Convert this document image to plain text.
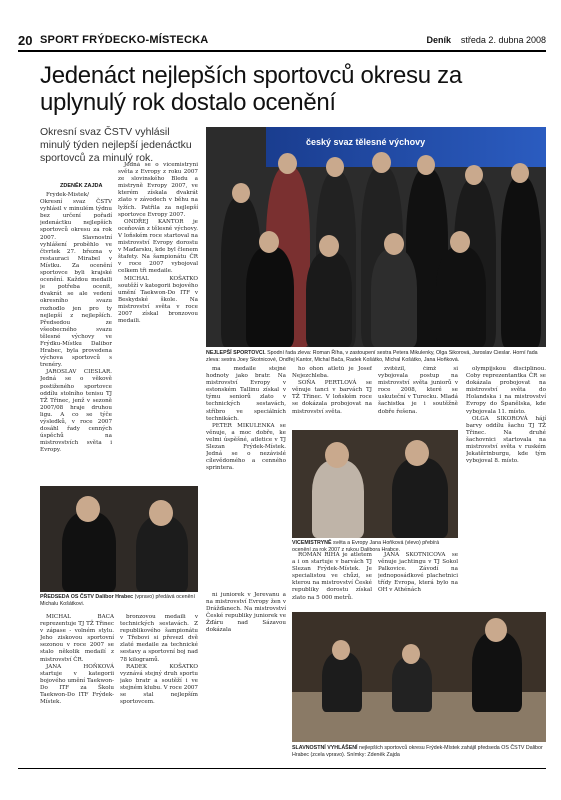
20 SPORT FRÝDECKO-MÍSTECKA	Deník středa 2. dubna 2008
Jedenáct nejlepších sportovců okresu za uplynulý rok dostalo ocenění
Okresní svaz ČSTV vyhlásil minulý týden nejlepší jedenáctku sportovců za minulý rok.
ZDENĚK ZAJDA

Frýdek-Místek/ Okresní svaz ČSTV vyhlásil v minulém týdnu bez určení pořadí jedenáctku nejlepších sportovců okresu za rok 2007. Slavnostní vyhlášení proběhlo ve čtvrtek 27. března v restauraci Mirabel v Místku. Za ocenění sportovce byli krajské ocenění. Každou medaili je potřeba ocenit, dvakrát se ale vedení okresního svazu rozhodlo jen pro ty nejlepší z nejlepších. Předsedou ze všeobecného svazu tělesné výchovy ve Frýdku-Místku Dalibor Hrabec, byla provedena výchova sportovců s trenéry.

JAROSLAV CIESLAR. Jedná se o věkově postiženého sportovce oddílu stolního tenisu TJ TŽ Třinec, jenž v sezoně 2007/08 hraje druhou ligu. A co se týče výsledků, v roce 2007 dosáhl řady cenných úspěchů na mistrovstvích světa i Evropy.

Jedná se o vicemistryni světa z Evropy z roku 2007 ze slovinského Bledu a mistryně Evropy 2007, ve kterém získala dvakrát zlato v závodech v běhu na lyžích. Patřila za nejlepší sportovce Evropy 2007.

ONDŘEJ KANTOR je oceňován z tělesné výchovy. V loňském roce startoval na mistrovství Evropy dorostu v Maďarsku, kde byl členem štafety. Na šampionátu ČR v roce 2007 vybojoval celkem tři medaile.

MICHAL KOŠATKO soutěží v kategorii bojového umění Taekwon-Do ITF v Beskydské škole. Na mistrovství světa v roce 2007 získal bronzovou medaili.

český svaz tělesné výchovy
NEJLEPŠÍ SPORTOVCI. Spodní řada zleva: Roman Říha, v zastoupení sestra Petera Mikulenky, Olga Sikorová, Jaroslav Cieslar. Horní řada zleva: sestra Joey Skotnicové, Ondřej Kantor, Michal Bača, Radek Košátko, Michal Košátko, Jana Hoňková.

ma medaile stejné hodnoty jako bratr. Na mistrovství Evropy v estonském Tallinu získal v týmu seniorů zlato v technických sestavách, stříbro ve speciálních technikách.

PETER MIKULENKA se věnuje, a moc dobře, ke velmi úspěšné, atletice v TJ Slezan Frýdek-Místek. Jedná se o nezávislé cílevědomého a cenného sprintera.

ho ohon atletů je Josef Nejezchleba.

SOŇA PERTLOVÁ se věnuje tanci v barvách TJ TŽ Třinec. V loňském roce se dokázala probojovat na mistrovství světa.

zvítězil, čímž si vybojovala postup na mistrovství světa juniorů v roce 2008, které se uskuteční v Turecku. Mladá šachistka je i soutěžně dobře řešena.

olympijskou disciplínou. Coby reprezentantka ČR se dokázala probojovat na mistrovství světa do Holandska i na mistrovství Evropy do Španělska, kde vybojovala 11. místo.

OLGA SIKOROVÁ hájí barvy oddílu šachu TJ TŽ Třinec. Na druhé šachovnici startovala na mistrovství světa v ruském Jekatěrinburgu, kde tým vybojoval 8. místo.

VICEMISTRYNĚ světa a Evropy Jana Hoňková (vlevo) přebírá ocenění za rok 2007 z rukou Dalibora Hrabce.
PŘEDSEDA OS ČSTV Dalibor Hrabec (vpravo) předává ocenění Michalu Košátkovi.

MICHAL BAČA reprezentuje TJ TŽ Třinec v zápase - volném stylu. Jeho ziskovou sportovní sezonou v roce 2007 se stalo několik medailí z mistrovství ČR.

JANA HOŇKOVÁ startuje v kategorii bojového umění Taekwon-Do ITF za Školu Taekwon-Do ITF Frýdek-Místek.

bronzovou medaili v technických sestavách. Z republikového šampionátu v Třebovi si převezl dvě zlaté medaile za technické sestavy a sportovní boj nad 78 kilogramů.

RADEK KOŠATKO vyznává stejný druh sportu jako bratr a soutěží i ve stejném klubu. V roce 2007 se stal nejlepším sportovcem.

ní juniorek v Jerevanu a na mistrovství Evropy žen v Drážďanech. Na mistrovství České republiky juniorek ve Žďáru nad Sázavou dokázala

ROMAN ŘÍHA je atletem a i on startuje v barvách TJ Slezan Frýdek-Místek. Je specialistou ve chůzi, se kterou na mistrovství České republiky dorostu získal zlato na 5 000 metrů.

JANA SKOTNICOVÁ se věnuje jachtingu v TJ Sokol Palkovice. Závodí na jednoposádkové plachetnici třídy Evropa, která bylo na OH v Athénách

SLAVNOSTNÍ VYHLÁŠENÍ nejlepších sportovců okresu Frýdek-Místek zahájil předseda OS ČSTV Dalibor Hrabec (zcela vpravo). Snímky: Zdeněk Zajda
